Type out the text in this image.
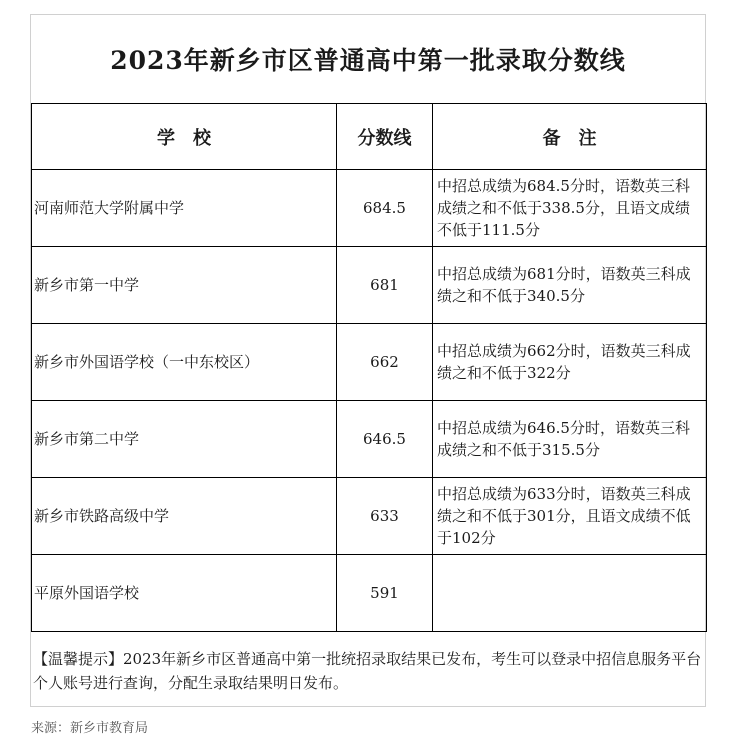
2023年新乡市区普通高中第一批录取分数线
学　校	分数线	备　注
河南师范大学附属中学	684.5	中招总成绩为684.5分时，语数英三科成绩之和不低于338.5分，且语文成绩不低于111.5分
新乡市第一中学	681	中招总成绩为681分时，语数英三科成绩之和不低于340.5分
新乡市外国语学校（一中东校区）	662	中招总成绩为662分时，语数英三科成绩之和不低于322分
新乡市第二中学	646.5	中招总成绩为646.5分时，语数英三科成绩之和不低于315.5分
新乡市铁路高级中学	633	中招总成绩为633分时，语数英三科成绩之和不低于301分，且语文成绩不低于102分
平原外国语学校	591	
【温馨提示】2023年新乡市区普通高中第一批统招录取结果已发布，考生可以登录中招信息服务平台个人账号进行查询，分配生录取结果明日发布。
来源：新乡市教育局
